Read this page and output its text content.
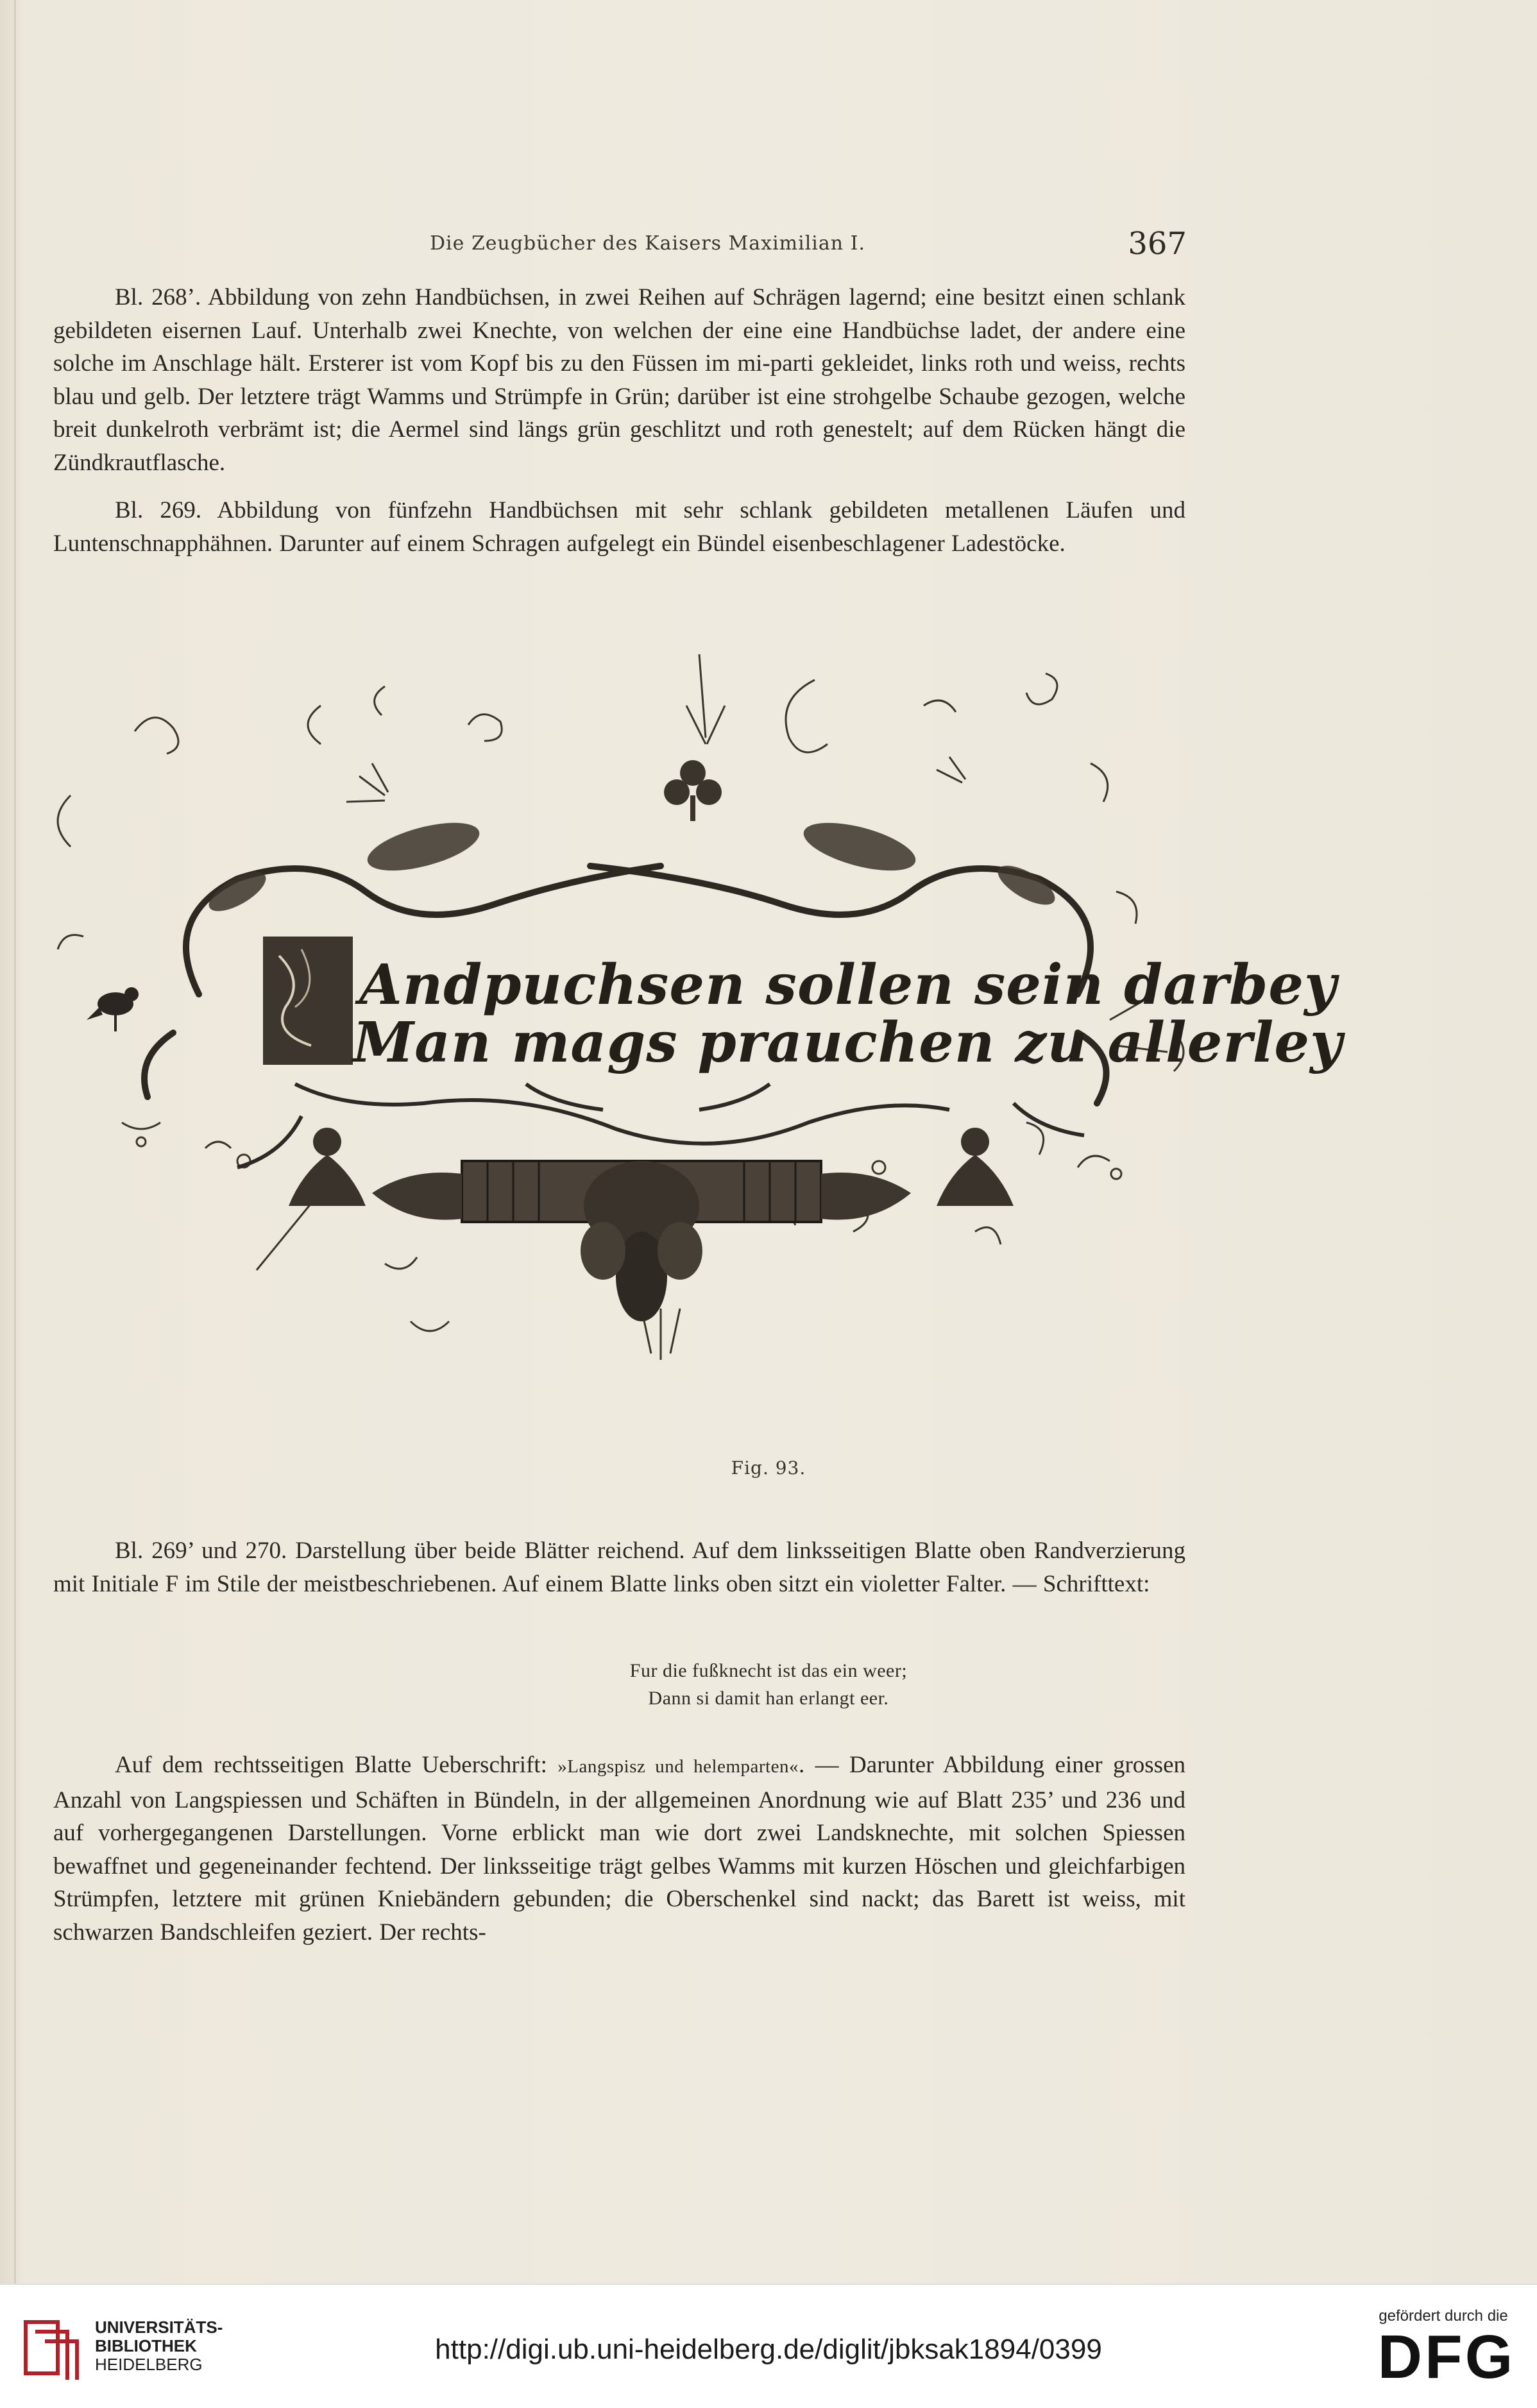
Die Zeugbücher des Kaisers Maximilian I.	367

Bl. 268’. Abbildung von zehn Handbüchsen, in zwei Reihen auf Schrägen lagernd; eine besitzt einen schlank gebildeten eisernen Lauf. Unterhalb zwei Knechte, von welchen der eine eine Handbüchse ladet, der andere eine solche im Anschlage hält. Ersterer ist vom Kopf bis zu den Füssen im mi-parti gekleidet, links roth und weiss, rechts blau und gelb. Der letztere trägt Wamms und Strümpfe in Grün; darüber ist eine strohgelbe Schaube gezogen, welche breit dunkelroth verbrämt ist; die Aermel sind längs grün geschlitzt und roth genestelt; auf dem Rücken hängt die Zündkrautflasche.

Bl. 269. Abbildung von fünfzehn Handbüchsen mit sehr schlank gebildeten metallenen Läufen und Luntenschnapphähnen. Darunter auf einem Schragen aufgelegt ein Bündel eisenbeschlagener Ladestöcke.

Andpuchsen sollen sein darbey
Man mags prauchen zu allerley
Fig. 93.

Bl. 269’ und 270. Darstellung über beide Blätter reichend. Auf dem linksseitigen Blatte oben Randverzierung mit Initiale F im Stile der meistbeschriebenen. Auf einem Blatte links oben sitzt ein violetter Falter. — Schrifttext:

Fur die fußknecht ist das ein weer;
Dann si damit han erlangt eer.

Auf dem rechtsseitigen Blatte Ueberschrift: »Langspisz und helemparten«. — Darunter Abbildung einer grossen Anzahl von Langspiessen und Schäften in Bündeln, in der allgemeinen Anordnung wie auf Blatt 235’ und 236 und auf vorhergegangenen Darstellungen. Vorne erblickt man wie dort zwei Landsknechte, mit solchen Spiessen bewaffnet und gegeneinander fechtend. Der linksseitige trägt gelbes Wamms mit kurzen Höschen und gleichfarbigen Strümpfen, letztere mit grünen Kniebändern gebunden; die Oberschenkel sind nackt; das Barett ist weiss, mit schwarzen Bandschleifen geziert. Der rechts-

UNIVERSITÄTS-
BIBLIOTHEK
HEIDELBERG	http://digi.ub.uni-heidelberg.de/diglit/jbksak1894/0399
gefördert durch die
DFG
